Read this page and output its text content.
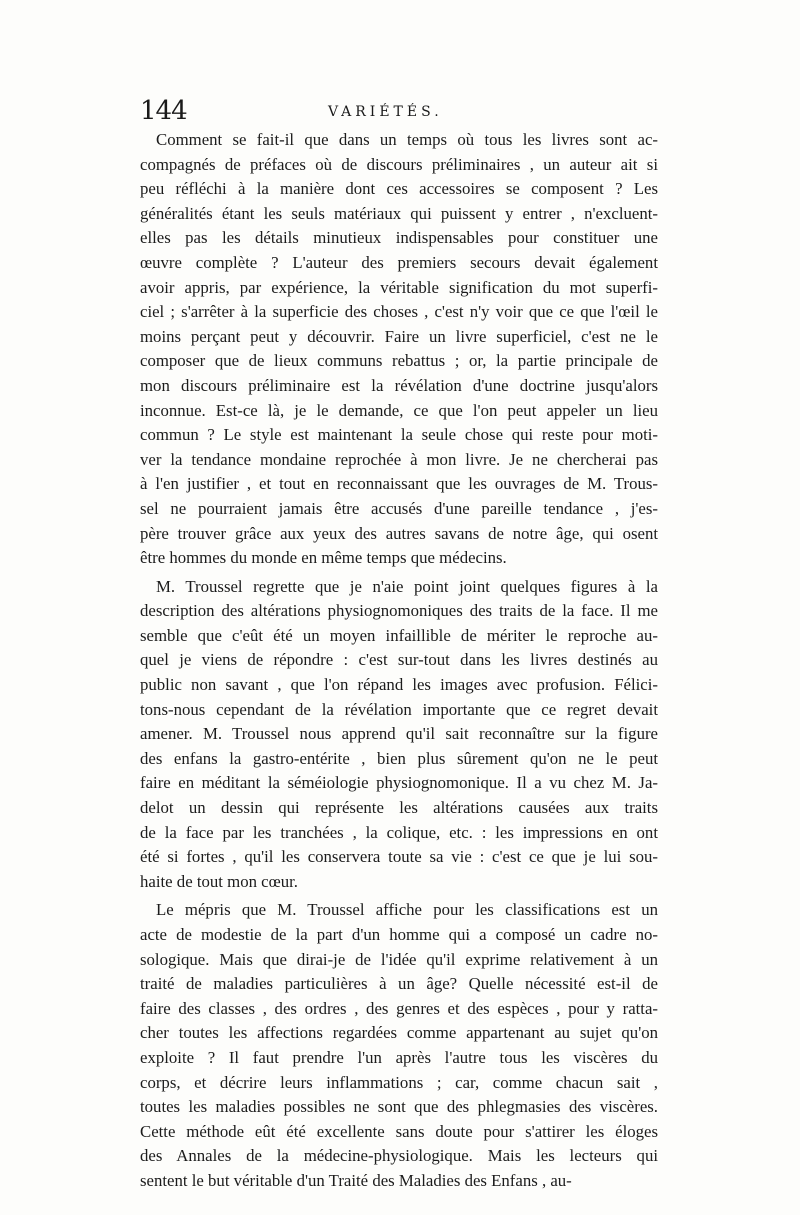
144	VARIÉTÉS.
Comment se fait-il que dans un temps où tous les livres sont ac-
compagnés de préfaces où de discours préliminaires , un auteur ait si
peu réfléchi à la manière dont ces accessoires se composent ? Les
généralités étant les seuls matériaux qui puissent y entrer , n'excluent-
elles pas les détails minutieux indispensables pour constituer une
œuvre complète ? L'auteur des premiers secours devait également
avoir appris, par expérience, la véritable signification du mot superfi-
ciel ; s'arrêter à la superficie des choses , c'est n'y voir que ce que l'œil le
moins perçant peut y découvrir. Faire un livre superficiel, c'est ne le
composer que de lieux communs rebattus ; or, la partie principale de
mon discours préliminaire est la révélation d'une doctrine jusqu'alors
inconnue. Est-ce là, je le demande, ce que l'on peut appeler un lieu
commun ? Le style est maintenant la seule chose qui reste pour moti-
ver la tendance mondaine reprochée à mon livre. Je ne chercherai pas
à l'en justifier , et tout en reconnaissant que les ouvrages de M. Trous-
sel ne pourraient jamais être accusés d'une pareille tendance , j'es-
père trouver grâce aux yeux des autres savans de notre âge, qui osent
être hommes du monde en même temps que médecins.
M. Troussel regrette que je n'aie point joint quelques figures à la
description des altérations physiognomoniques des traits de la face. Il me
semble que c'eût été un moyen infaillible de mériter le reproche au-
quel je viens de répondre : c'est sur-tout dans les livres destinés au
public non savant , que l'on répand les images avec profusion. Félici-
tons-nous cependant de la révélation importante que ce regret devait
amener. M. Troussel nous apprend qu'il sait reconnaître sur la figure
des enfans la gastro-entérite , bien plus sûrement qu'on ne le peut
faire en méditant la séméiologie physiognomonique. Il a vu chez M. Ja-
delot un dessin qui représente les altérations causées aux traits
de la face par les tranchées , la colique, etc. : les impressions en ont
été si fortes , qu'il les conservera toute sa vie : c'est ce que je lui sou-
haite de tout mon cœur.
Le mépris que M. Troussel affiche pour les classifications est un
acte de modestie de la part d'un homme qui a composé un cadre no-
sologique. Mais que dirai-je de l'idée qu'il exprime relativement à un
traité de maladies particulières à un âge? Quelle nécessité est-il de
faire des classes , des ordres , des genres et des espèces , pour y ratta-
cher toutes les affections regardées comme appartenant au sujet qu'on
exploite ? Il faut prendre l'un après l'autre tous les viscères du
corps, et décrire leurs inflammations ; car, comme chacun sait ,
toutes les maladies possibles ne sont que des phlegmasies des viscères.
Cette méthode eût été excellente sans doute pour s'attirer les éloges
des Annales de la médecine-physiologique. Mais les lecteurs qui
sentent le but véritable d'un Traité des Maladies des Enfans , au-
